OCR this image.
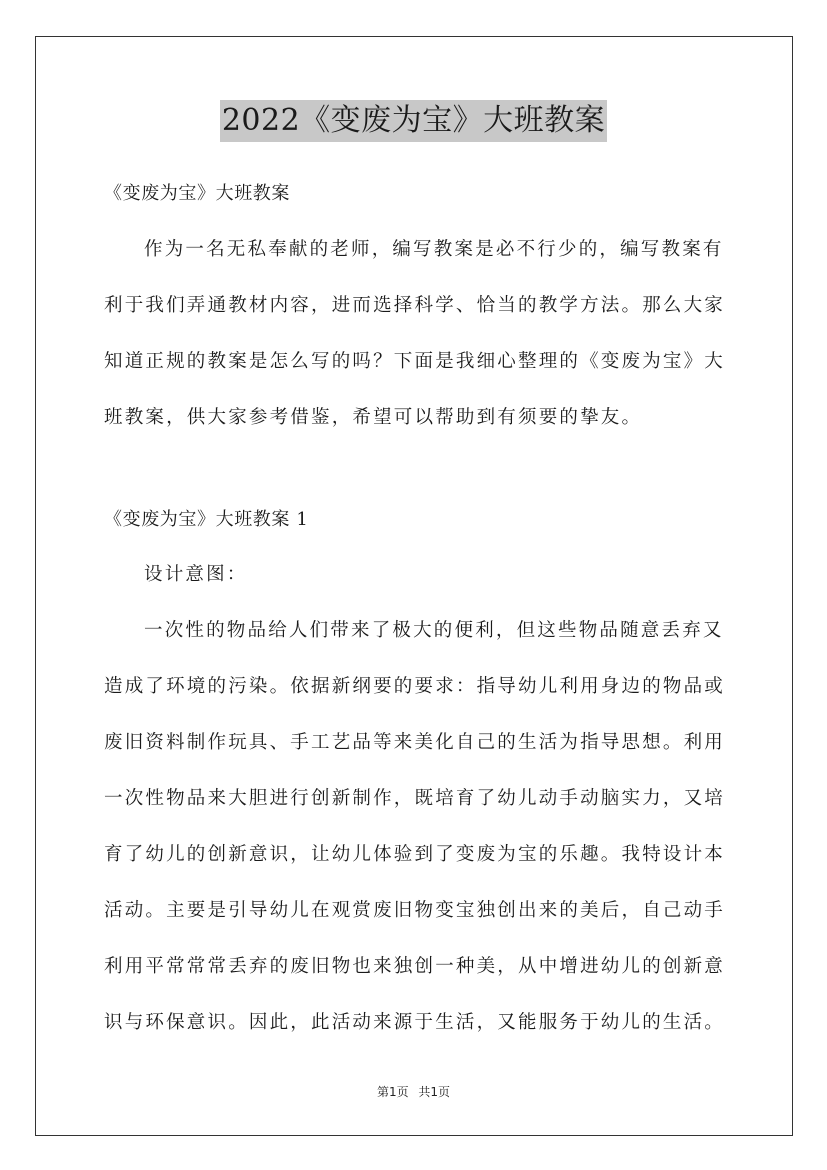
2022《变废为宝》大班教案
《变废为宝》大班教案
作为一名无私奉献的老师，编写教案是必不行少的，编写教案有
利于我们弄通教材内容，进而选择科学、恰当的教学方法。那么大家
知道正规的教案是怎么写的吗？下面是我细心整理的《变废为宝》大
班教案，供大家参考借鉴，希望可以帮助到有须要的挚友。
《变废为宝》大班教案 1
设计意图：
一次性的物品给人们带来了极大的便利，但这些物品随意丢弃又
造成了环境的污染。依据新纲要的要求：指导幼儿利用身边的物品或
废旧资料制作玩具、手工艺品等来美化自己的生活为指导思想。利用
一次性物品来大胆进行创新制作，既培育了幼儿动手动脑实力，又培
育了幼儿的创新意识，让幼儿体验到了变废为宝的乐趣。我特设计本
活动。主要是引导幼儿在观赏废旧物变宝独创出来的美后，自己动手
利用平常常常丢弃的废旧物也来独创一种美，从中增进幼儿的创新意
识与环保意识。因此，此活动来源于生活，又能服务于幼儿的生活。
第1页 共1页
